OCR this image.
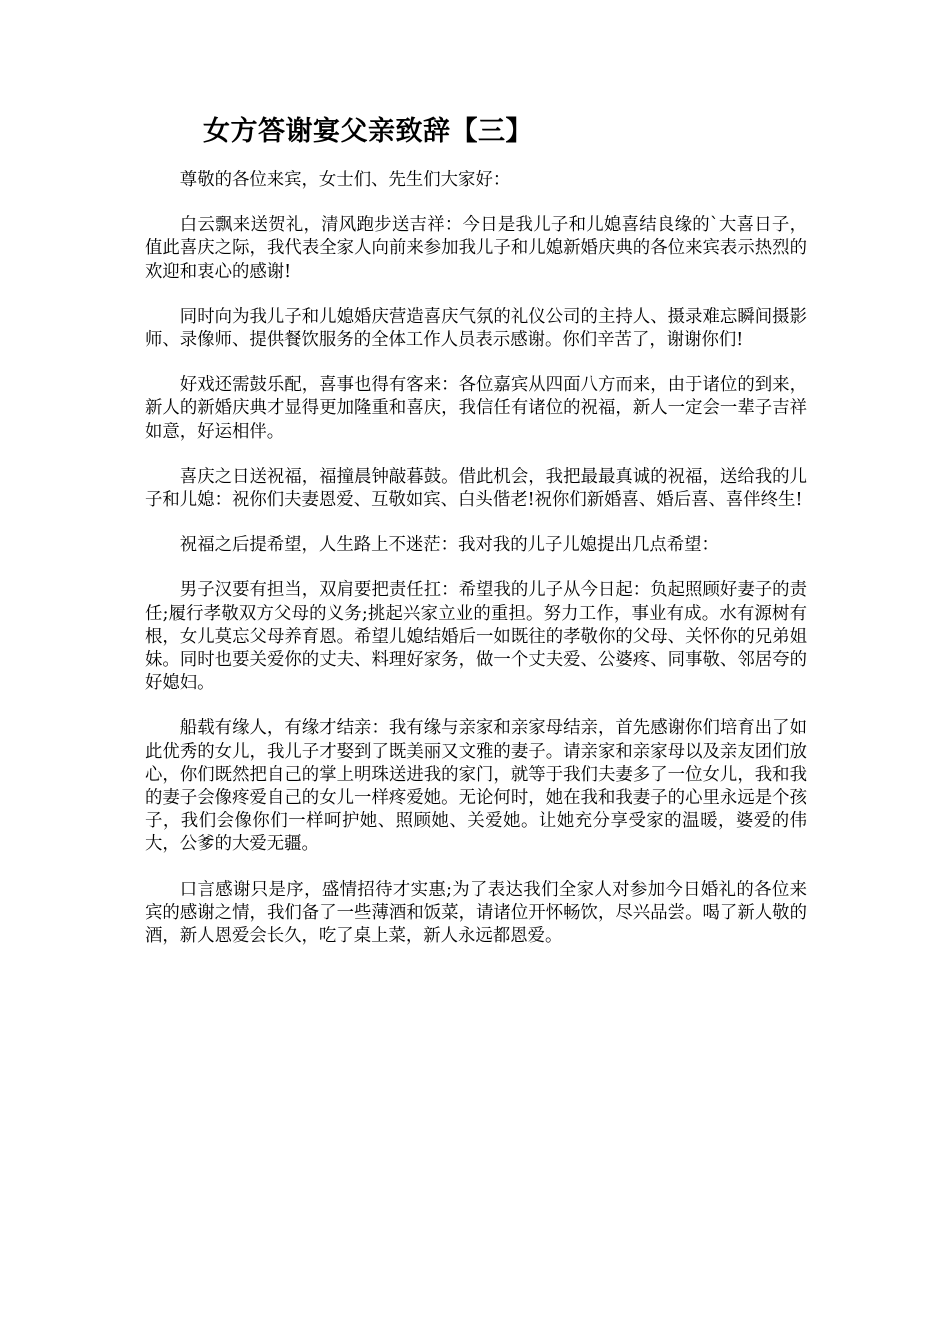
女方答谢宴父亲致辞【三】

尊敬的各位来宾，女士们、先生们大家好：

白云飘来送贺礼，清风跑步送吉祥：今日是我儿子和儿媳喜结良缘的`大喜日子，值此喜庆之际，我代表全家人向前来参加我儿子和儿媳新婚庆典的各位来宾表示热烈的欢迎和衷心的感谢!

同时向为我儿子和儿媳婚庆营造喜庆气氛的礼仪公司的主持人、摄录难忘瞬间摄影师、录像师、提供餐饮服务的全体工作人员表示感谢。你们辛苦了，谢谢你们!

好戏还需鼓乐配，喜事也得有客来：各位嘉宾从四面八方而来，由于诸位的到来，新人的新婚庆典才显得更加隆重和喜庆，我信任有诸位的祝福，新人一定会一辈子吉祥如意，好运相伴。

喜庆之日送祝福，福撞晨钟敲暮鼓。借此机会，我把最最真诚的祝福，送给我的儿子和儿媳：祝你们夫妻恩爱、互敬如宾、白头偕老!祝你们新婚喜、婚后喜、喜伴终生!

祝福之后提希望，人生路上不迷茫：我对我的儿子儿媳提出几点希望：

男子汉要有担当，双肩要把责任扛：希望我的儿子从今日起：负起照顾好妻子的责任;履行孝敬双方父母的义务;挑起兴家立业的重担。努力工作，事业有成。水有源树有根，女儿莫忘父母养育恩。希望儿媳结婚后一如既往的孝敬你的父母、关怀你的兄弟姐妹。同时也要关爱你的丈夫、料理好家务，做一个丈夫爱、公婆疼、同事敬、邻居夸的好媳妇。

船载有缘人，有缘才结亲：我有缘与亲家和亲家母结亲，首先感谢你们培育出了如此优秀的女儿，我儿子才娶到了既美丽又文雅的妻子。请亲家和亲家母以及亲友团们放心，你们既然把自己的掌上明珠送进我的家门，就等于我们夫妻多了一位女儿，我和我的妻子会像疼爱自己的女儿一样疼爱她。无论何时，她在我和我妻子的心里永远是个孩子，我们会像你们一样呵护她、照顾她、关爱她。让她充分享受家的温暖，婆爱的伟大，公爹的大爱无疆。

口言感谢只是序，盛情招待才实惠;为了表达我们全家人对参加今日婚礼的各位来宾的感谢之情，我们备了一些薄酒和饭菜，请诸位开怀畅饮，尽兴品尝。喝了新人敬的酒，新人恩爱会长久，吃了桌上菜，新人永远都恩爱。
